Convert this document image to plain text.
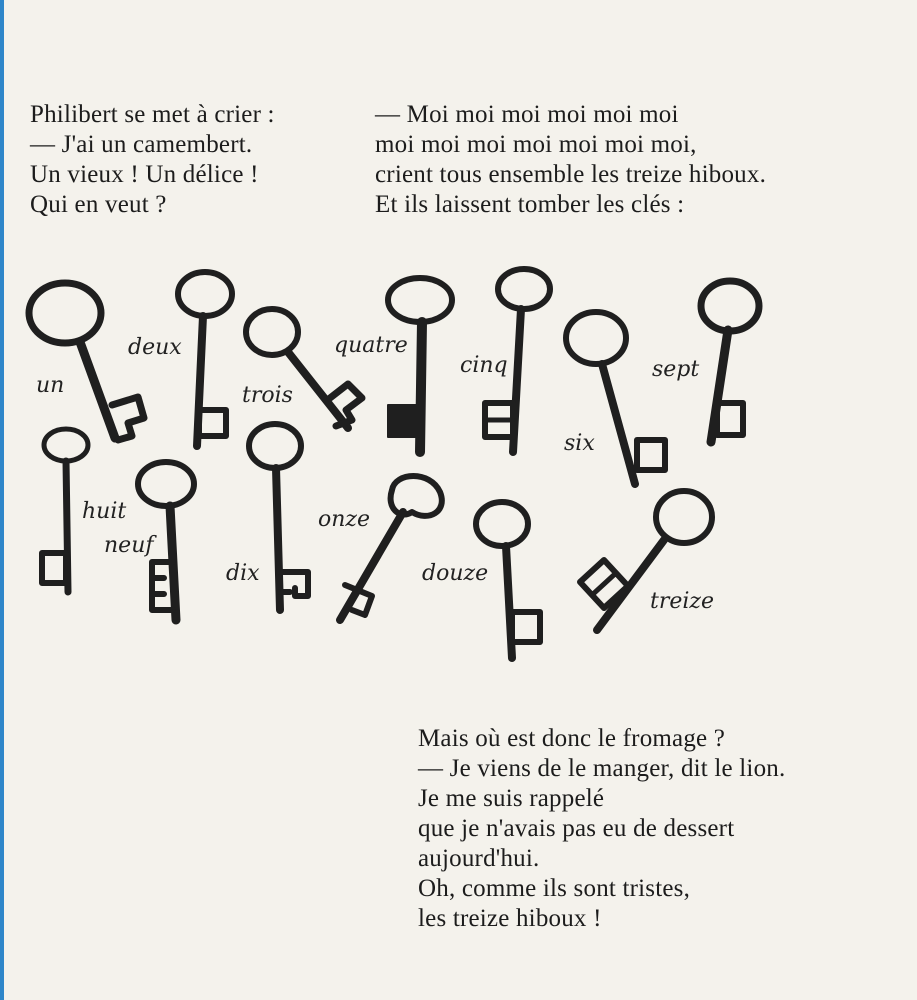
Philibert se met à crier :
— J'ai un camembert.
Un vieux ! Un délice !
Qui en veut ?
— Moi moi moi moi moi moi
moi moi moi moi moi moi moi,
crient tous ensemble les treize hiboux.
Et ils laissent tomber les clés :
un
deux
trois
quatre
cinq
six
sept
huit
neuf
dix
onze
douze
treize
Mais où est donc le fromage ?
— Je viens de le manger, dit le lion.
Je me suis rappelé
que je n'avais pas eu de dessert
aujourd'hui.
Oh, comme ils sont tristes,
les treize hiboux !
